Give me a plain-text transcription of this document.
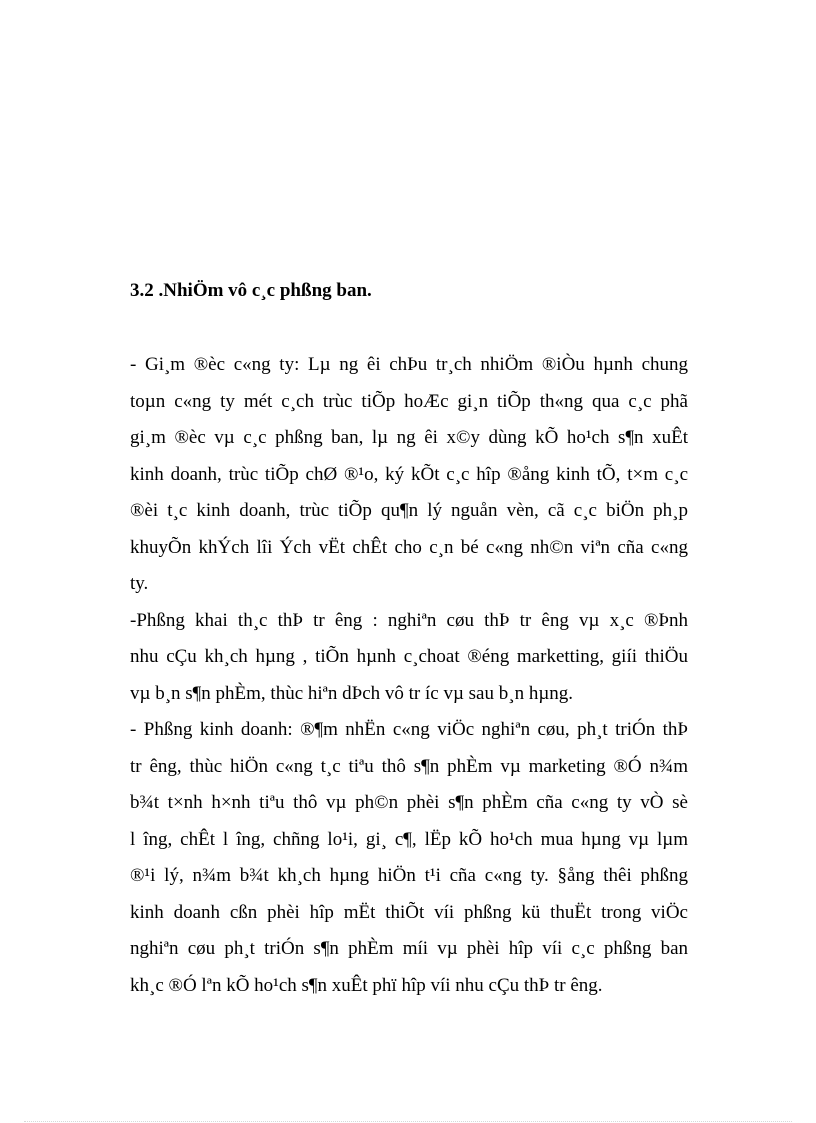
3.2 .NhiÖm vô c¸c phßng ban.

- Gi¸m ®èc c«ng ty: Lµ ng êi chÞu tr¸ch nhiÖm ®iÒu hµnh chung
toµn c«ng ty mét c¸ch trùc tiÕp hoÆc gi¸n tiÕp th«ng qua c¸c phã
gi¸m ®èc vµ c¸c phßng ban, lµ ng êi x©y dùng kÕ ho¹ch s¶n xuÊt
kinh doanh, trùc tiÕp chØ ®¹o, ký kÕt c¸c hîp ®ång kinh tÕ, t×m c¸c
®èi t¸c kinh doanh, trùc tiÕp qu¶n lý nguån vèn, cã c¸c biÖn ph¸p
khuyÕn khÝch lîi Ých vËt chÊt cho c¸n bé c«ng nh©n viªn cña c«ng
ty.

-Phßng khai th¸c thÞ tr êng : nghiªn cøu thÞ tr êng vµ x¸c ®Þnh
nhu cÇu kh¸ch hµng , tiÕn hµnh c¸choat ®éng marketting, giíi thiÖu
vµ b¸n s¶n phÈm, thùc hiªn dÞch vô tr íc vµ sau b¸n hµng.

- Phßng kinh doanh: ®¶m nhËn c«ng viÖc nghiªn cøu, ph¸t triÓn thÞ
tr êng, thùc hiÖn c«ng t¸c tiªu thô s¶n phÈm vµ marketing ®Ó n¾m
b¾t t×nh h×nh tiªu thô vµ ph©n phèi s¶n phÈm cña c«ng ty vÒ sè
l îng, chÊt l îng, chñng lo¹i, gi¸ c¶, lËp kÕ ho¹ch mua hµng vµ lµm
®¹i lý, n¾m b¾t kh¸ch hµng hiÖn t¹i cña c«ng ty. §ång thêi phßng
kinh doanh cßn phèi hîp mËt thiÕt víi phßng kü thuËt trong viÖc
nghiªn cøu ph¸t triÓn s¶n phÈm míi vµ phèi hîp víi c¸c phßng ban
kh¸c ®Ó lªn kÕ ho¹ch s¶n xuÊt phï hîp víi nhu cÇu thÞ tr êng.
